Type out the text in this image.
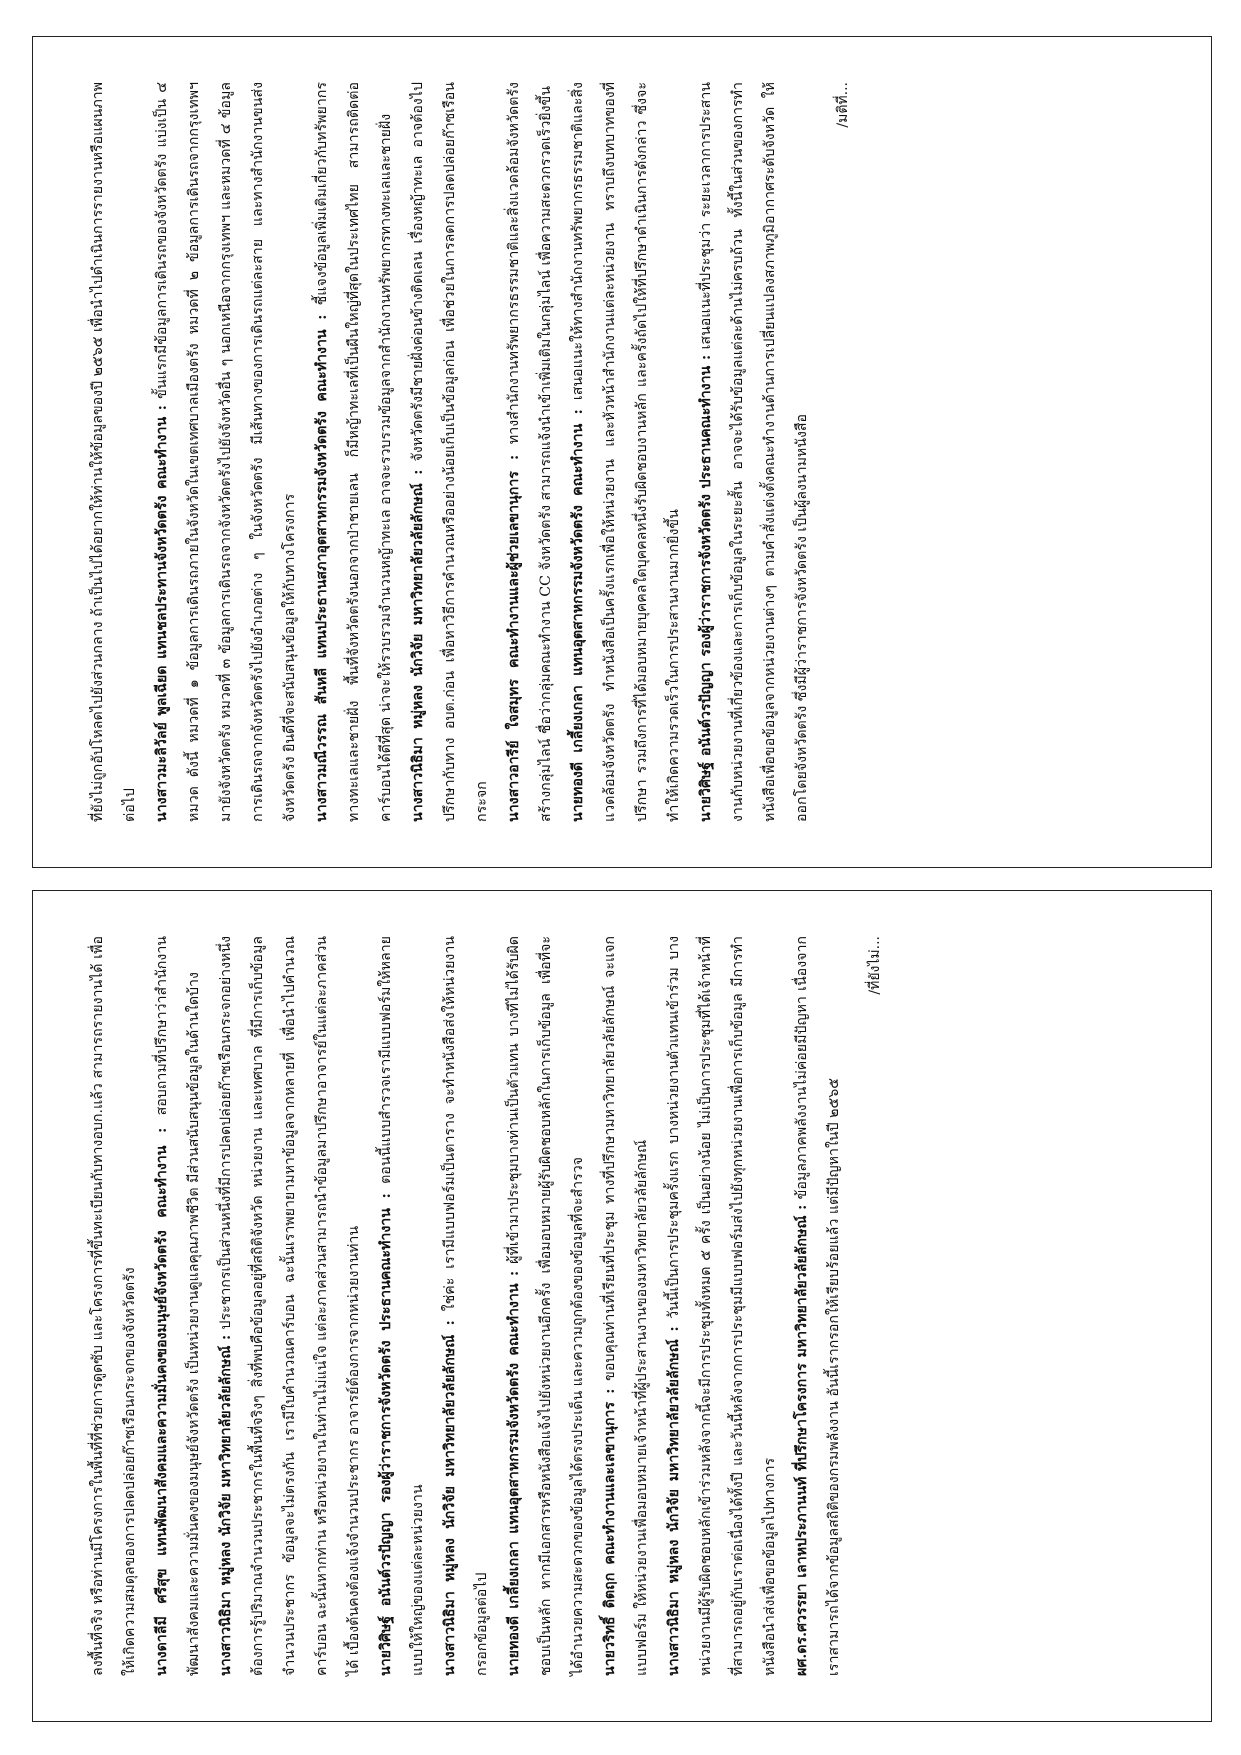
ที่ยังไม่ถูกอัปโหลดไปยังส่วนกลาง ถ้าเป็นไปได้อยากให้ท่านให้ข้อมูลของปี ๒๕๖๕ เพื่อนำไปดำเนินการรายงานหรือแผนภาพต่อไป	นางสาวมะลิวัลย์ พูลเฉียด แทนชลประทานจังหวัดตรัง คณะทำงาน : ขั้นแรกมีข้อมูลการเดินรถของจังหวัดตรัง แบ่งเป็น ๔ หมวด ดังนี้ หมวดที่ ๑ ข้อมูลการเดินรถภายในจังหวัดในเขตเทศบาลเมืองตรัง หมวดที่ ๒ ข้อมูลการเดินรถจากกรุงเทพฯ มายังจังหวัดตรัง หมวดที่ ๓ ข้อมูลการเดินรถจากจังหวัดตรังไปยังจังหวัดอื่น ๆ นอกเหนือจากกรุงเทพฯ และหมวดที่ ๔ ข้อมูลการเดินรถจากจังหวัดตรังไปยังอำเภอต่าง ๆ ในจังหวัดตรัง มีเส้นทางของการเดินรถแต่ละสาย และทางสำนักงานขนส่งจังหวัดตรัง ยินดีที่จะสนับสนุนข้อมูลให้กับทางโครงการ	นางสาวมณีวรรณ สันหลี แทนประธานสภาอุตสาหกรรมจังหวัดตรัง คณะทำงาน : ชี้แจงข้อมูลเพิ่มเติมเกี่ยวกับทรัพยากรทางทะเลและชายฝั่ง พื้นที่จังหวัดตรังนอกจากป่าชายเลน ก็มีหญ้าทะเลที่เป็นผืนใหญ่ที่สุดในประเทศไทย สามารถติดต่อคาร์บอนได้ดีที่สุด น่าจะให้รวบรวมจำนวนหญ้าทะเล อาจจะรวบรวมข้อมูลจากสำนักงานทรัพยากรทางทะเลและชายฝั่ง	นางสาวนิธิมา หมู่หลง นักวิจัย มหาวิทยาลัยวลัยลักษณ์ : จังหวัดตรังมีชายฝั่งค่อนข้างติดเลน เรื่องหญ้าทะเล อาจต้องไปปรึกษากับทาง อบต.ก่อน เพื่อหาวิธีการคำนวณหรืออย่างน้อยเก็บเป็นข้อมูลก่อน เพื่อช่วยในการลดการปลดปล่อยก๊าซเรือนกระจก	นางสาวอารีย์ ใจสมุทร คณะทำงานและผู้ช่วยเลขานุการ : ทางสำนักงานทรัพยากรธรรมชาติและสิ่งแวดล้อมจังหวัดตรัง สร้างกลุ่มไลน์ ชื่อว่ากลุ่มคณะทำงาน CC จังหวัดตรัง สามารถแจ้งนำเข้าเพิ่มเติมในกลุ่มไลน์ เพื่อความสะดวกรวดเร็วยิ่งขึ้น	นายทองดี เกลี้ยงเกลา แทนอุตสาหกรรมจังหวัดตรัง คณะทำงาน : เสนอแนะให้ทางสำนักงานทรัพยากรธรรมชาติและสิ่งแวดล้อมจังหวัดตรัง ทำหนังสือเป็นครั้งแรกเพื่อให้หน่วยงาน และหัวหน้าสำนักงานแต่ละหน่วยงาน ทราบถึงบทบาทของที่ปรึกษา รวมถึงการที่ได้มอบหมายบุคคลใดบุคคลหนึ่งรับผิดชอบงานหลัก และครั้งถัดไปให้ที่ปรึกษาดำเนินการดังกล่าว ซึ่งจะทำให้เกิดความรวดเร็วในการประสานงานมากยิ่งขึ้น	นายวิศิษฐ์ อนันต์วรปัญญา รองผู้ว่าราชการจังหวัดตรัง ประธานคณะทำงาน : เสนอแนะที่ประชุมว่า ระยะเวลาการประสานงานกับหน่วยงานที่เกี่ยวข้องและการเก็บข้อมูลในระยะสั้น อาจจะได้รับข้อมูลแต่ละด้านไม่ครบถ้วน ทั้งนี้ในส่วนของการทำหนังสือเพื่อขอข้อมูลจากหน่วยงานต่างๆ ตามคำสั่งแต่งตั้งคณะทำงานด้านการเปลี่ยนแปลงสภาพภูมิอากาศระดับจังหวัด ให้ออกโดยจังหวัดตรัง ซึ่งมีผู้ว่าราชการจังหวัดตรัง เป็นผู้ลงนามหนังสือ

/มติที่...

ลงพื้นที่จริง หรือท่านมีโครงการในพื้นที่ที่ช่วยการดูดซับ และโครงการที่ขึ้นทะเบียนกับทางอบก.แล้ว สามารถรายงานได้ เพื่อให้เกิดความสมดุลของการปลดปล่อยก๊าซเรือนกระจกของจังหวัดตรัง	นางดาลีมี ศรีสุข แทนพัฒนาสังคมและความมั่นคงของมนุษย์จังหวัดตรัง คณะทำงาน : สอบถามที่ปรึกษาว่าสำนักงานพัฒนาสังคมและความมั่นคงของมนุษย์จังหวัดตรัง เป็นหน่วยงานดูแลคุณภาพชีวิต มีส่วนสนับสนุนข้อมูลในด้านใดบ้าง	นางสาวนิธิมา หมู่หลง นักวิจัย มหาวิทยาลัยวลัยลักษณ์ : ประชากรเป็นส่วนหนึ่งที่มีการปลดปล่อยก๊าซเรือนกระจกอย่างหนึ่ง ต้องการรู้ปริมาณจำนวนประชากรในพื้นที่จริงๆ สิ่งที่พบคือข้อมูลอยู่ที่สถิติจังหวัด หน่วยงาน และเทศบาล ที่มีการเก็บข้อมูลจำนวนประชากร ข้อมูลจะไม่ตรงกัน เรามีใบคำนวณคาร์บอน ฉะนั้นเราพยายามหาข้อมูลจากหลายที่ เพื่อนำไปคำนวณคาร์บอน ฉะนั้นหากท่าน หรือหน่วยงานในท่านไม่แน่ใจ แต่ละภาคส่วนสามารถนำข้อมูลมาปรึกษาอาจารย์ในแต่ละภาคส่วนได้ เบื้องต้นคงต้องแจ้งจำนวนประชากร อาจารย์ต้องการจากหน่วยงานท่าน	นายวิศิษฐ์ อนันต์วรปัญญา รองผู้ว่าราชการจังหวัดตรัง ประธานคณะทำงาน : ตอนนี้แบบสำรวจเรามีแบบฟอร์มให้หลายแบบให้ใหญ่ของแต่ละหน่วยงาน	นางสาวนิธิมา หมู่หลง นักวิจัย มหาวิทยาลัยวลัยลักษณ์ : ใช่ค่ะ เรามีแบบฟอร์มเป็นตาราง จะทำหนังสือส่งให้หน่วยงานกรอกข้อมูลต่อไป	นายทองดี เกลี้ยงเกลา แทนอุตสาหกรรมจังหวัดตรัง คณะทำงาน : ผู้ที่เข้ามาประชุมบางท่านเป็นตัวแทน บางทีไม่ได้รับผิดชอบเป็นหลัก หากมีเอกสารหรือหนังสือแจ้งไปยังหน่วยงานอีกครั้ง เพื่อมอบหมายผู้รับผิดชอบหลักในการเก็บข้อมูล เพื่อที่จะได้อำนวยความสะดวกของข้อมูลได้ตรงประเด็น และความถูกต้องของข้อมูลที่จะสำรวจ	นายวริทธิ์ ดิตฤก คณะทำงานและเลขานุการ : ขอบคุณท่านที่เรียนที่ประชุม ทางที่ปรึกษามหาวิทยาลัยวลัยลักษณ์ จะแจกแบบฟอร์ม ให้หน่วยงานเพื่อมอบหมายเจ้าหน้าที่ผู้ประสานงานของมหาวิทยาลัยวลัยลักษณ์	นางสาวนิธิมา หมู่หลง นักวิจัย มหาวิทยาลัยวลัยลักษณ์ : วันนี้เป็นการประชุมครั้งแรก บางหน่วยงานตัวแทนเข้าร่วม บางหน่วยงานมีผู้รับผิดชอบหลักเข้าร่วมหลังจากนี้จะมีการประชุมทั้งหมด ๕ ครั้ง เป็นอย่างน้อย ไม่เป็นการประชุมที่ได้เจ้าหน้าที่ที่สามารถอยู่กับเราต่อเนื่องได้ทั้งปี และวันนี้หลังจากการประชุมมีแบบฟอร์มส่งไปยังทุกหน่วยงานเพื่อการเก็บข้อมูล มีการทำหนังสือนำส่งเพื่อขอข้อมูลไปทางการ	ผศ.ดร.ศวรรยา เลาหประภานนท์ ที่ปรึกษาโครงการ มหาวิทยาลัยวลัยลักษณ์ : ข้อมูลภาคพลังงานไม่ค่อยมีปัญหา เนื่องจากเราสามารถได้จากข้อมูลสถิติของกรมพลังงาน อันนี้เรากรอกให้เรียบร้อยแล้ว แต่มีปัญหาในปี ๒๕๖๕

/ที่ยังไม่...
